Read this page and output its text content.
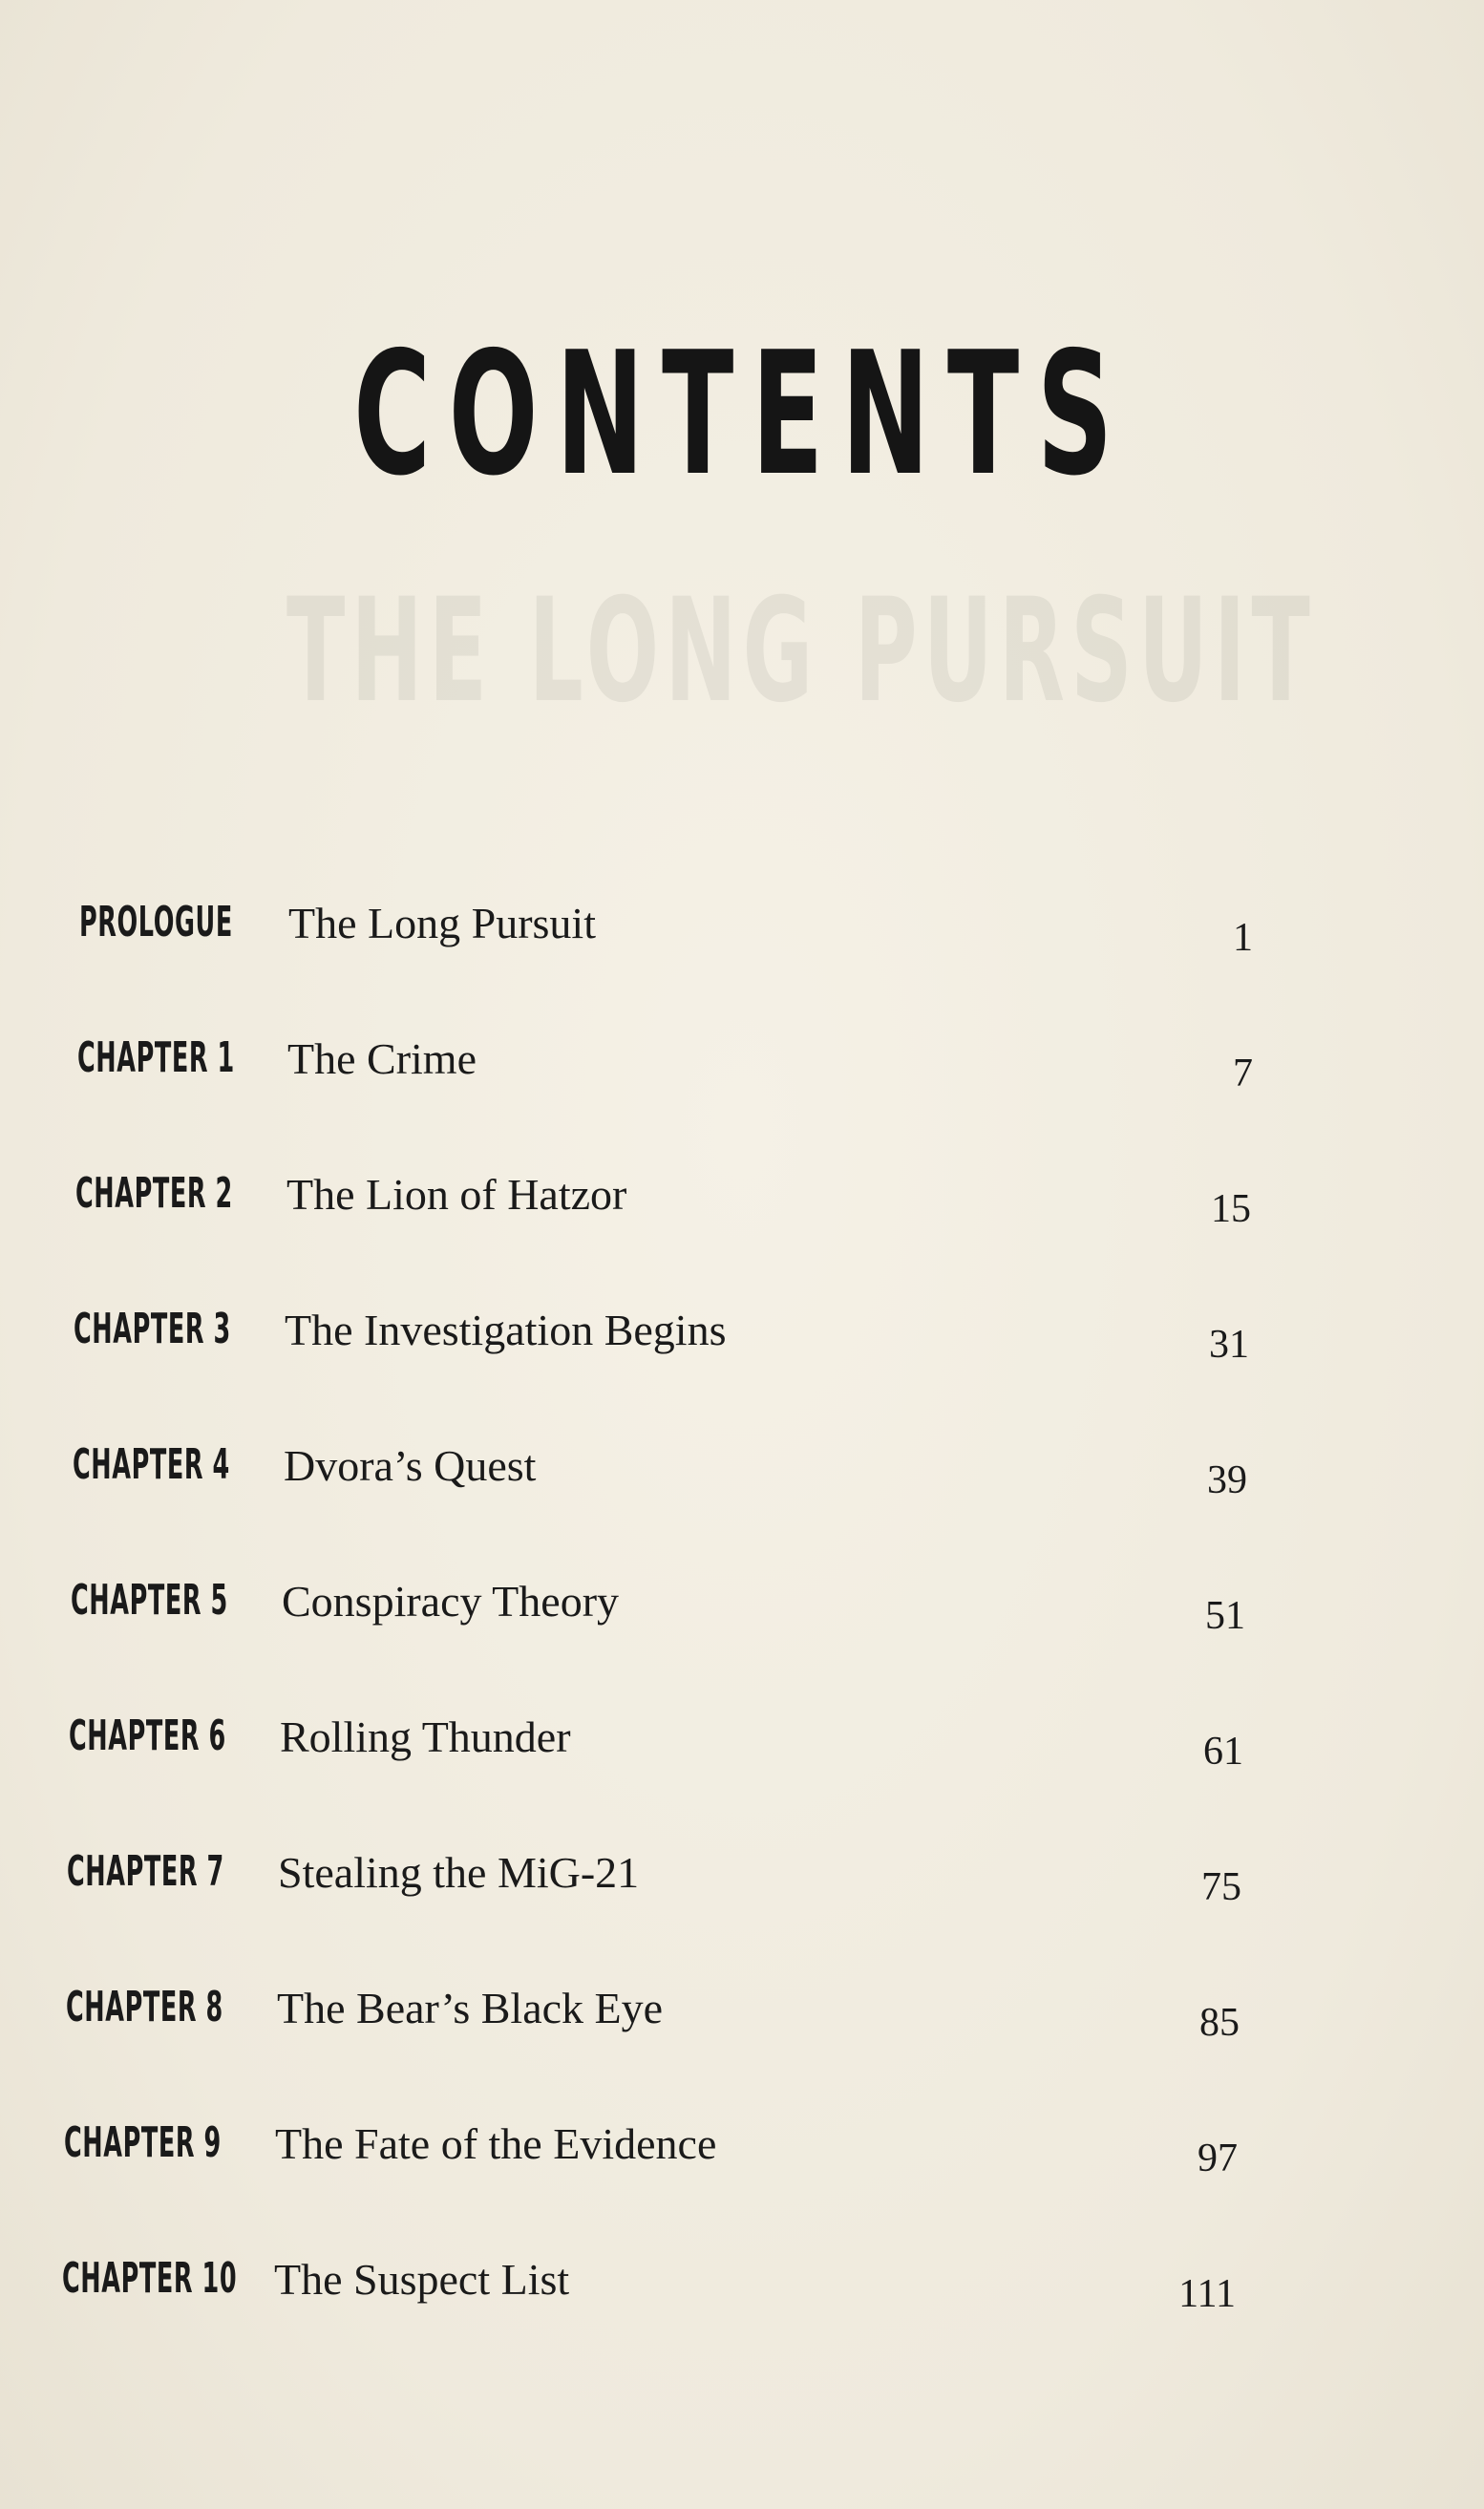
THE LONG PURSUIT
CONTENTS
PROLOGUE The Long Pursuit	1
CHAPTER 1 The Crime	7
CHAPTER 2 The Lion of Hatzor	15
CHAPTER 3 The Investigation Begins	31
CHAPTER 4 Dvora’s Quest	39
CHAPTER 5 Conspiracy Theory	51
CHAPTER 6 Rolling Thunder	61
CHAPTER 7 Stealing the MiG-21	75
CHAPTER 8 The Bear’s Black Eye	85
CHAPTER 9 The Fate of the Evidence	97
CHAPTER 10 The Suspect List	111
